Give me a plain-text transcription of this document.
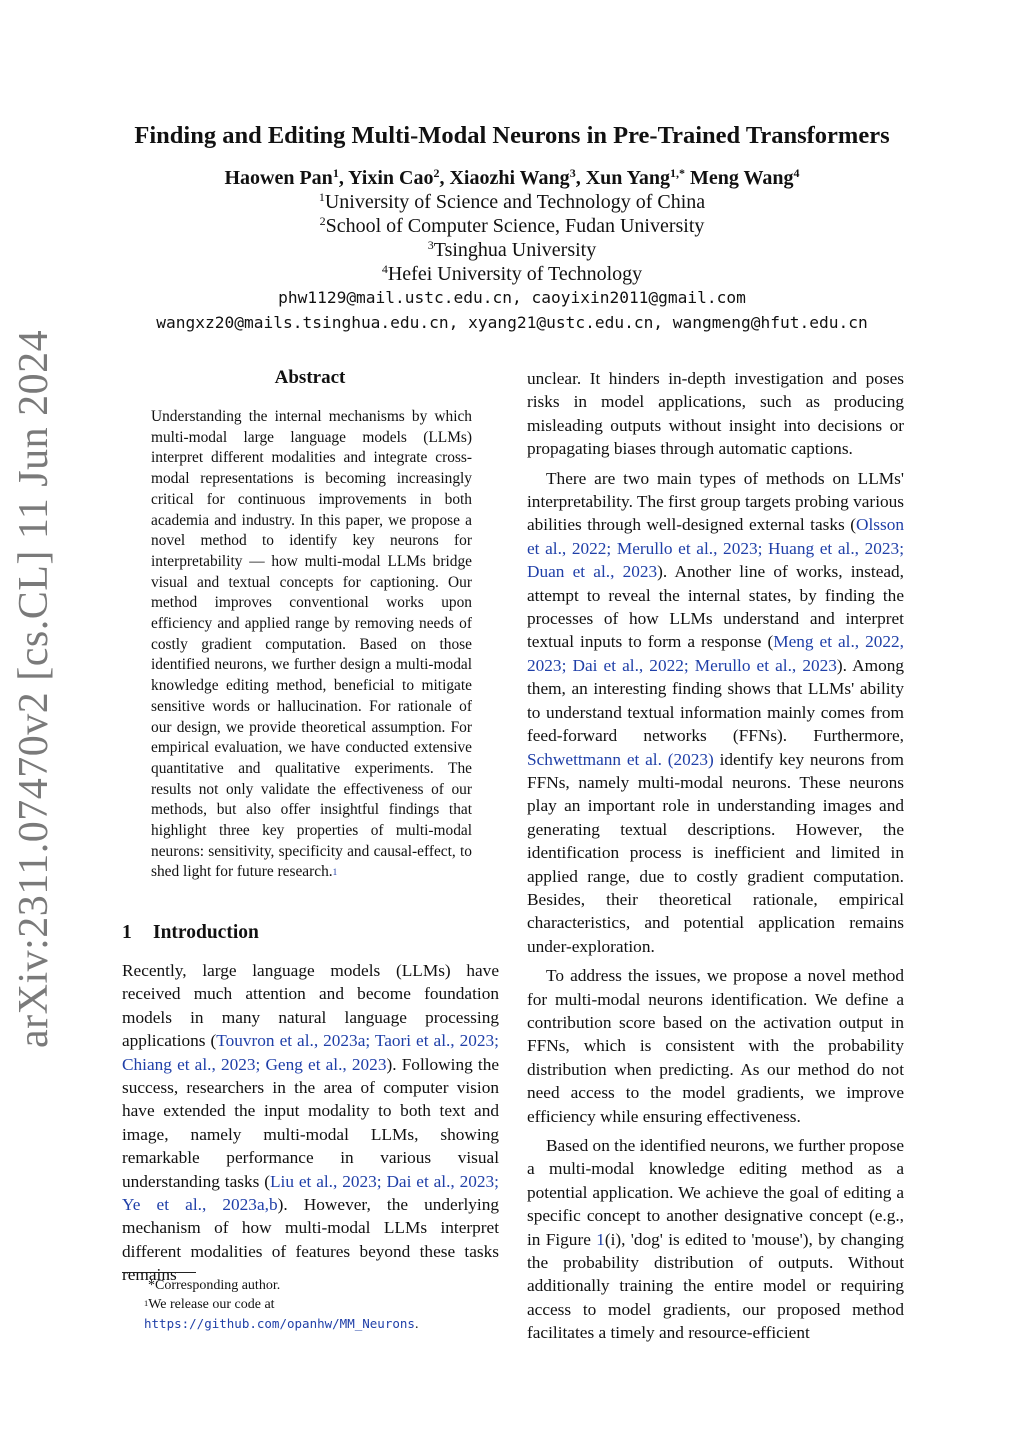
arXiv:2311.07470v2 [cs.CL] 11 Jun 2024
Finding and Editing Multi-Modal Neurons in Pre-Trained Transformers
Haowen Pan$^1$, Yixin Cao$^2$, Xiaozhi Wang$^3$, Xun Yang$^{1,*}$ Meng Wang$^4$
$^1$University of Science and Technology of China
$^2$School of Computer Science, Fudan University
$^3$Tsinghua University
$^4$Hefei University of Technology
phw1129@mail.ustc.edu.cn, caoyixin2011@gmail.com
wangxz20@mails.tsinghua.edu.cn, xyang21@ustc.edu.cn, wangmeng@hfut.edu.cn
Abstract
Understanding the internal mechanisms by which multi-modal large language models (LLMs) interpret different modalities and integrate cross-modal representations is becoming increasingly critical for continuous improvements in both academia and industry. In this paper, we propose a novel method to identify key neurons for interpretability — how multi-modal LLMs bridge visual and textual concepts for captioning. Our method improves conventional works upon efficiency and applied range by removing needs of costly gradient computation. Based on those identified neurons, we further design a multi-modal knowledge editing method, beneficial to mitigate sensitive words or hallucination. For rationale of our design, we provide theoretical assumption. For empirical evaluation, we have conducted extensive quantitative and qualitative experiments. The results not only validate the effectiveness of our methods, but also offer insightful findings that highlight three key properties of multi-modal neurons: sensitivity, specificity and causal-effect, to shed light for future research.$^1$
1 Introduction

Recently, large language models (LLMs) have received much attention and become foundation models in many natural language processing applications (Touvron et al., 2023a; Taori et al., 2023; Chiang et al., 2023; Geng et al., 2023). Following the success, researchers in the area of computer vision have extended the input modality to both text and image, namely multi-modal LLMs, showing remarkable performance in various visual understanding tasks (Liu et al., 2023; Dai et al., 2023; Ye et al., 2023a,b). However, the underlying mechanism of how multi-modal LLMs interpret different modalities of features beyond these tasks remains

*Corresponding author.
$^1$We release our code at https://github.com/opanhw/MM_Neurons.

unclear. It hinders in-depth investigation and poses risks in model applications, such as producing misleading outputs without insight into decisions or propagating biases through automatic captions.

There are two main types of methods on LLMs' interpretability. The first group targets probing various abilities through well-designed external tasks (Olsson et al., 2022; Merullo et al., 2023; Huang et al., 2023; Duan et al., 2023). Another line of works, instead, attempt to reveal the internal states, by finding the processes of how LLMs understand and interpret textual inputs to form a response (Meng et al., 2022, 2023; Dai et al., 2022; Merullo et al., 2023). Among them, an interesting finding shows that LLMs' ability to understand textual information mainly comes from feed-forward networks (FFNs). Furthermore, Schwettmann et al. (2023) identify key neurons from FFNs, namely multi-modal neurons. These neurons play an important role in understanding images and generating textual descriptions. However, the identification process is inefficient and limited in applied range, due to costly gradient computation. Besides, their theoretical rationale, empirical characteristics, and potential application remains under-exploration.

To address the issues, we propose a novel method for multi-modal neurons identification. We define a contribution score based on the activation output in FFNs, which is consistent with the probability distribution when predicting. As our method do not need access to the model gradients, we improve efficiency while ensuring effectiveness.

Based on the identified neurons, we further propose a multi-modal knowledge editing method as a potential application. We achieve the goal of editing a specific concept to another designative concept (e.g., in Figure 1(i), 'dog' is edited to 'mouse'), by changing the probability distribution of outputs. Without additionally training the entire model or requiring access to model gradients, our proposed method facilitates a timely and resource-efficient
